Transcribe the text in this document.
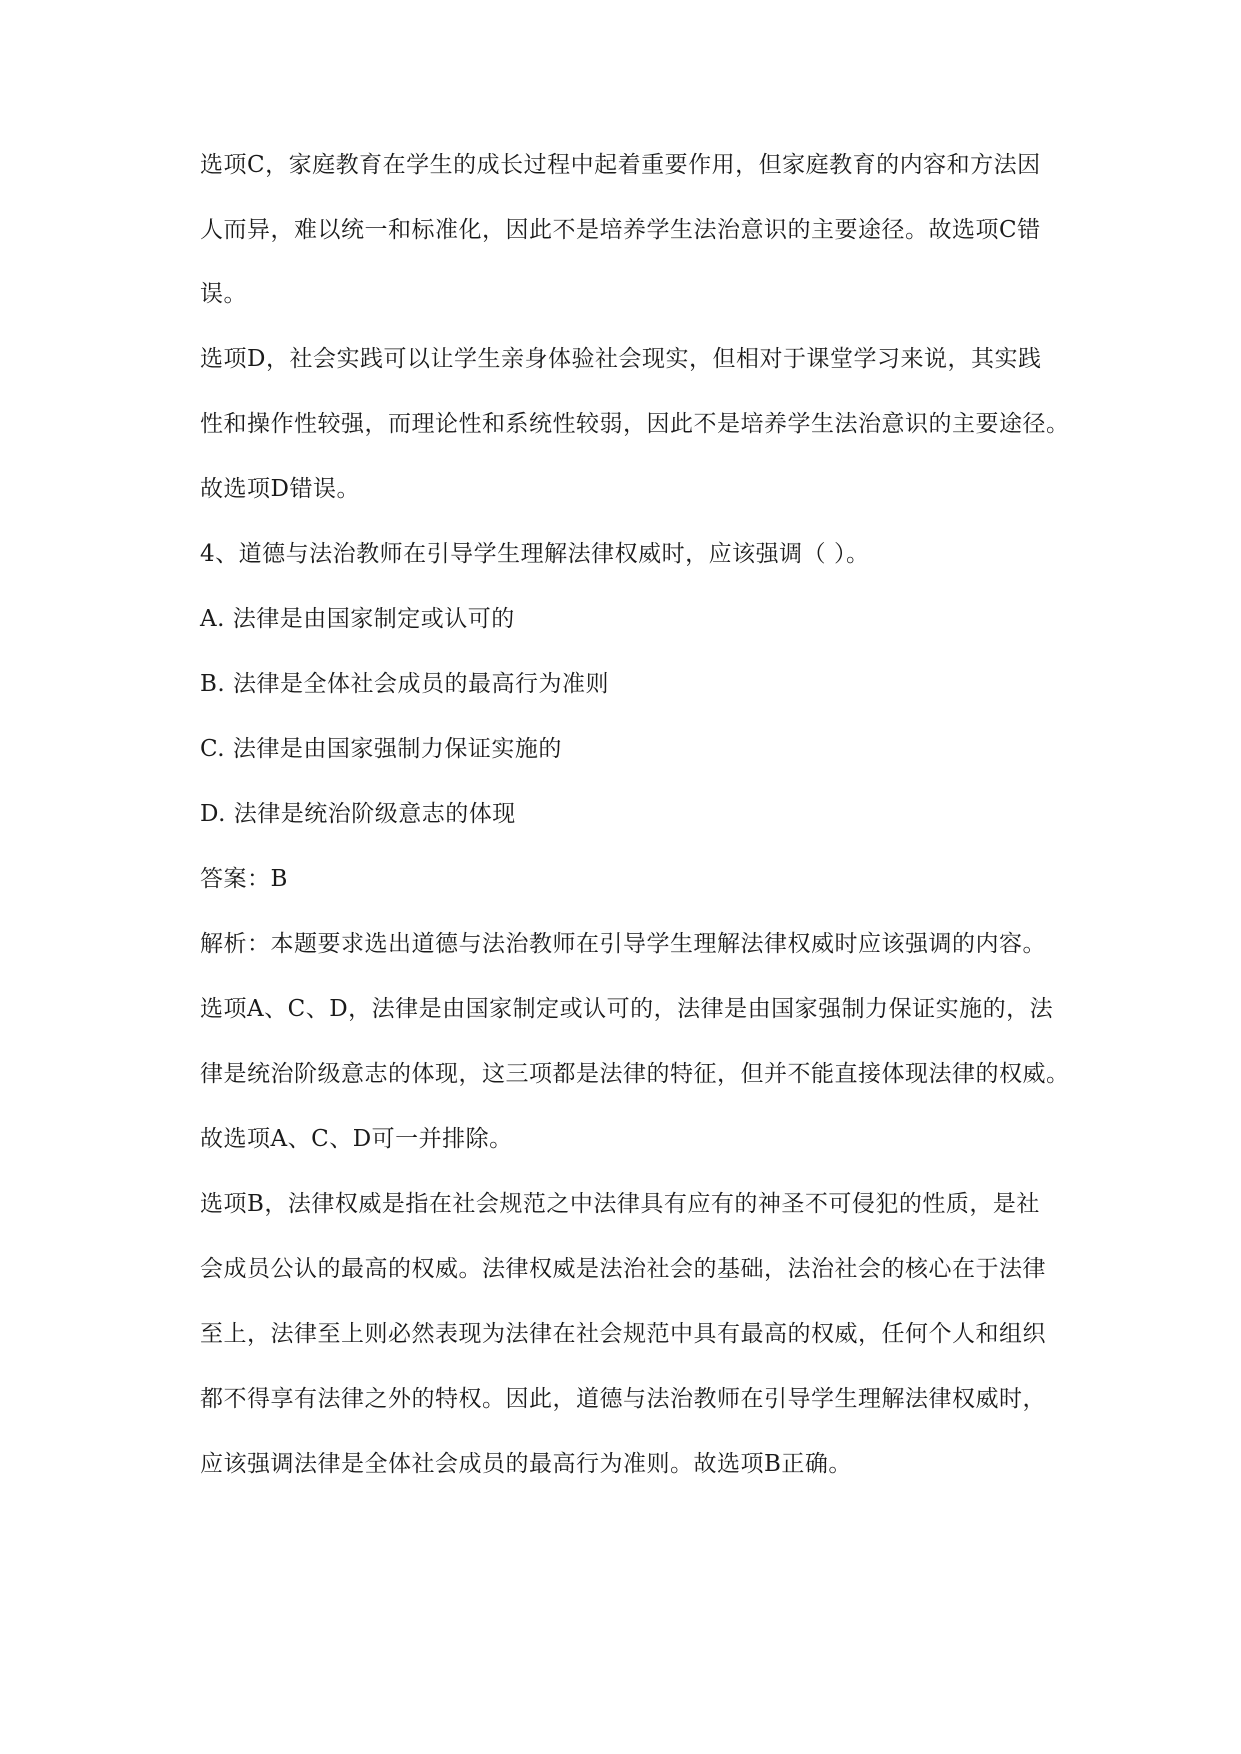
选项C，家庭教育在学生的成长过程中起着重要作用，但家庭教育的内容和方法因
人而异，难以统一和标准化，因此不是培养学生法治意识的主要途径。故选项C错
误。
选项D，社会实践可以让学生亲身体验社会现实，但相对于课堂学习来说，其实践
性和操作性较强，而理论性和系统性较弱，因此不是培养学生法治意识的主要途径。
故选项D错误。
4、道德与法治教师在引导学生理解法律权威时，应该强调（ ）。
A. 法律是由国家制定或认可的
B. 法律是全体社会成员的最高行为准则
C. 法律是由国家强制力保证实施的
D. 法律是统治阶级意志的体现
答案：B
解析：本题要求选出道德与法治教师在引导学生理解法律权威时应该强调的内容。
选项A、C、D，法律是由国家制定或认可的，法律是由国家强制力保证实施的，法
律是统治阶级意志的体现，这三项都是法律的特征，但并不能直接体现法律的权威。
故选项A、C、D可一并排除。
选项B，法律权威是指在社会规范之中法律具有应有的神圣不可侵犯的性质，是社
会成员公认的最高的权威。法律权威是法治社会的基础，法治社会的核心在于法律
至上，法律至上则必然表现为法律在社会规范中具有最高的权威，任何个人和组织
都不得享有法律之外的特权。因此，道德与法治教师在引导学生理解法律权威时，
应该强调法律是全体社会成员的最高行为准则。故选项B正确。
